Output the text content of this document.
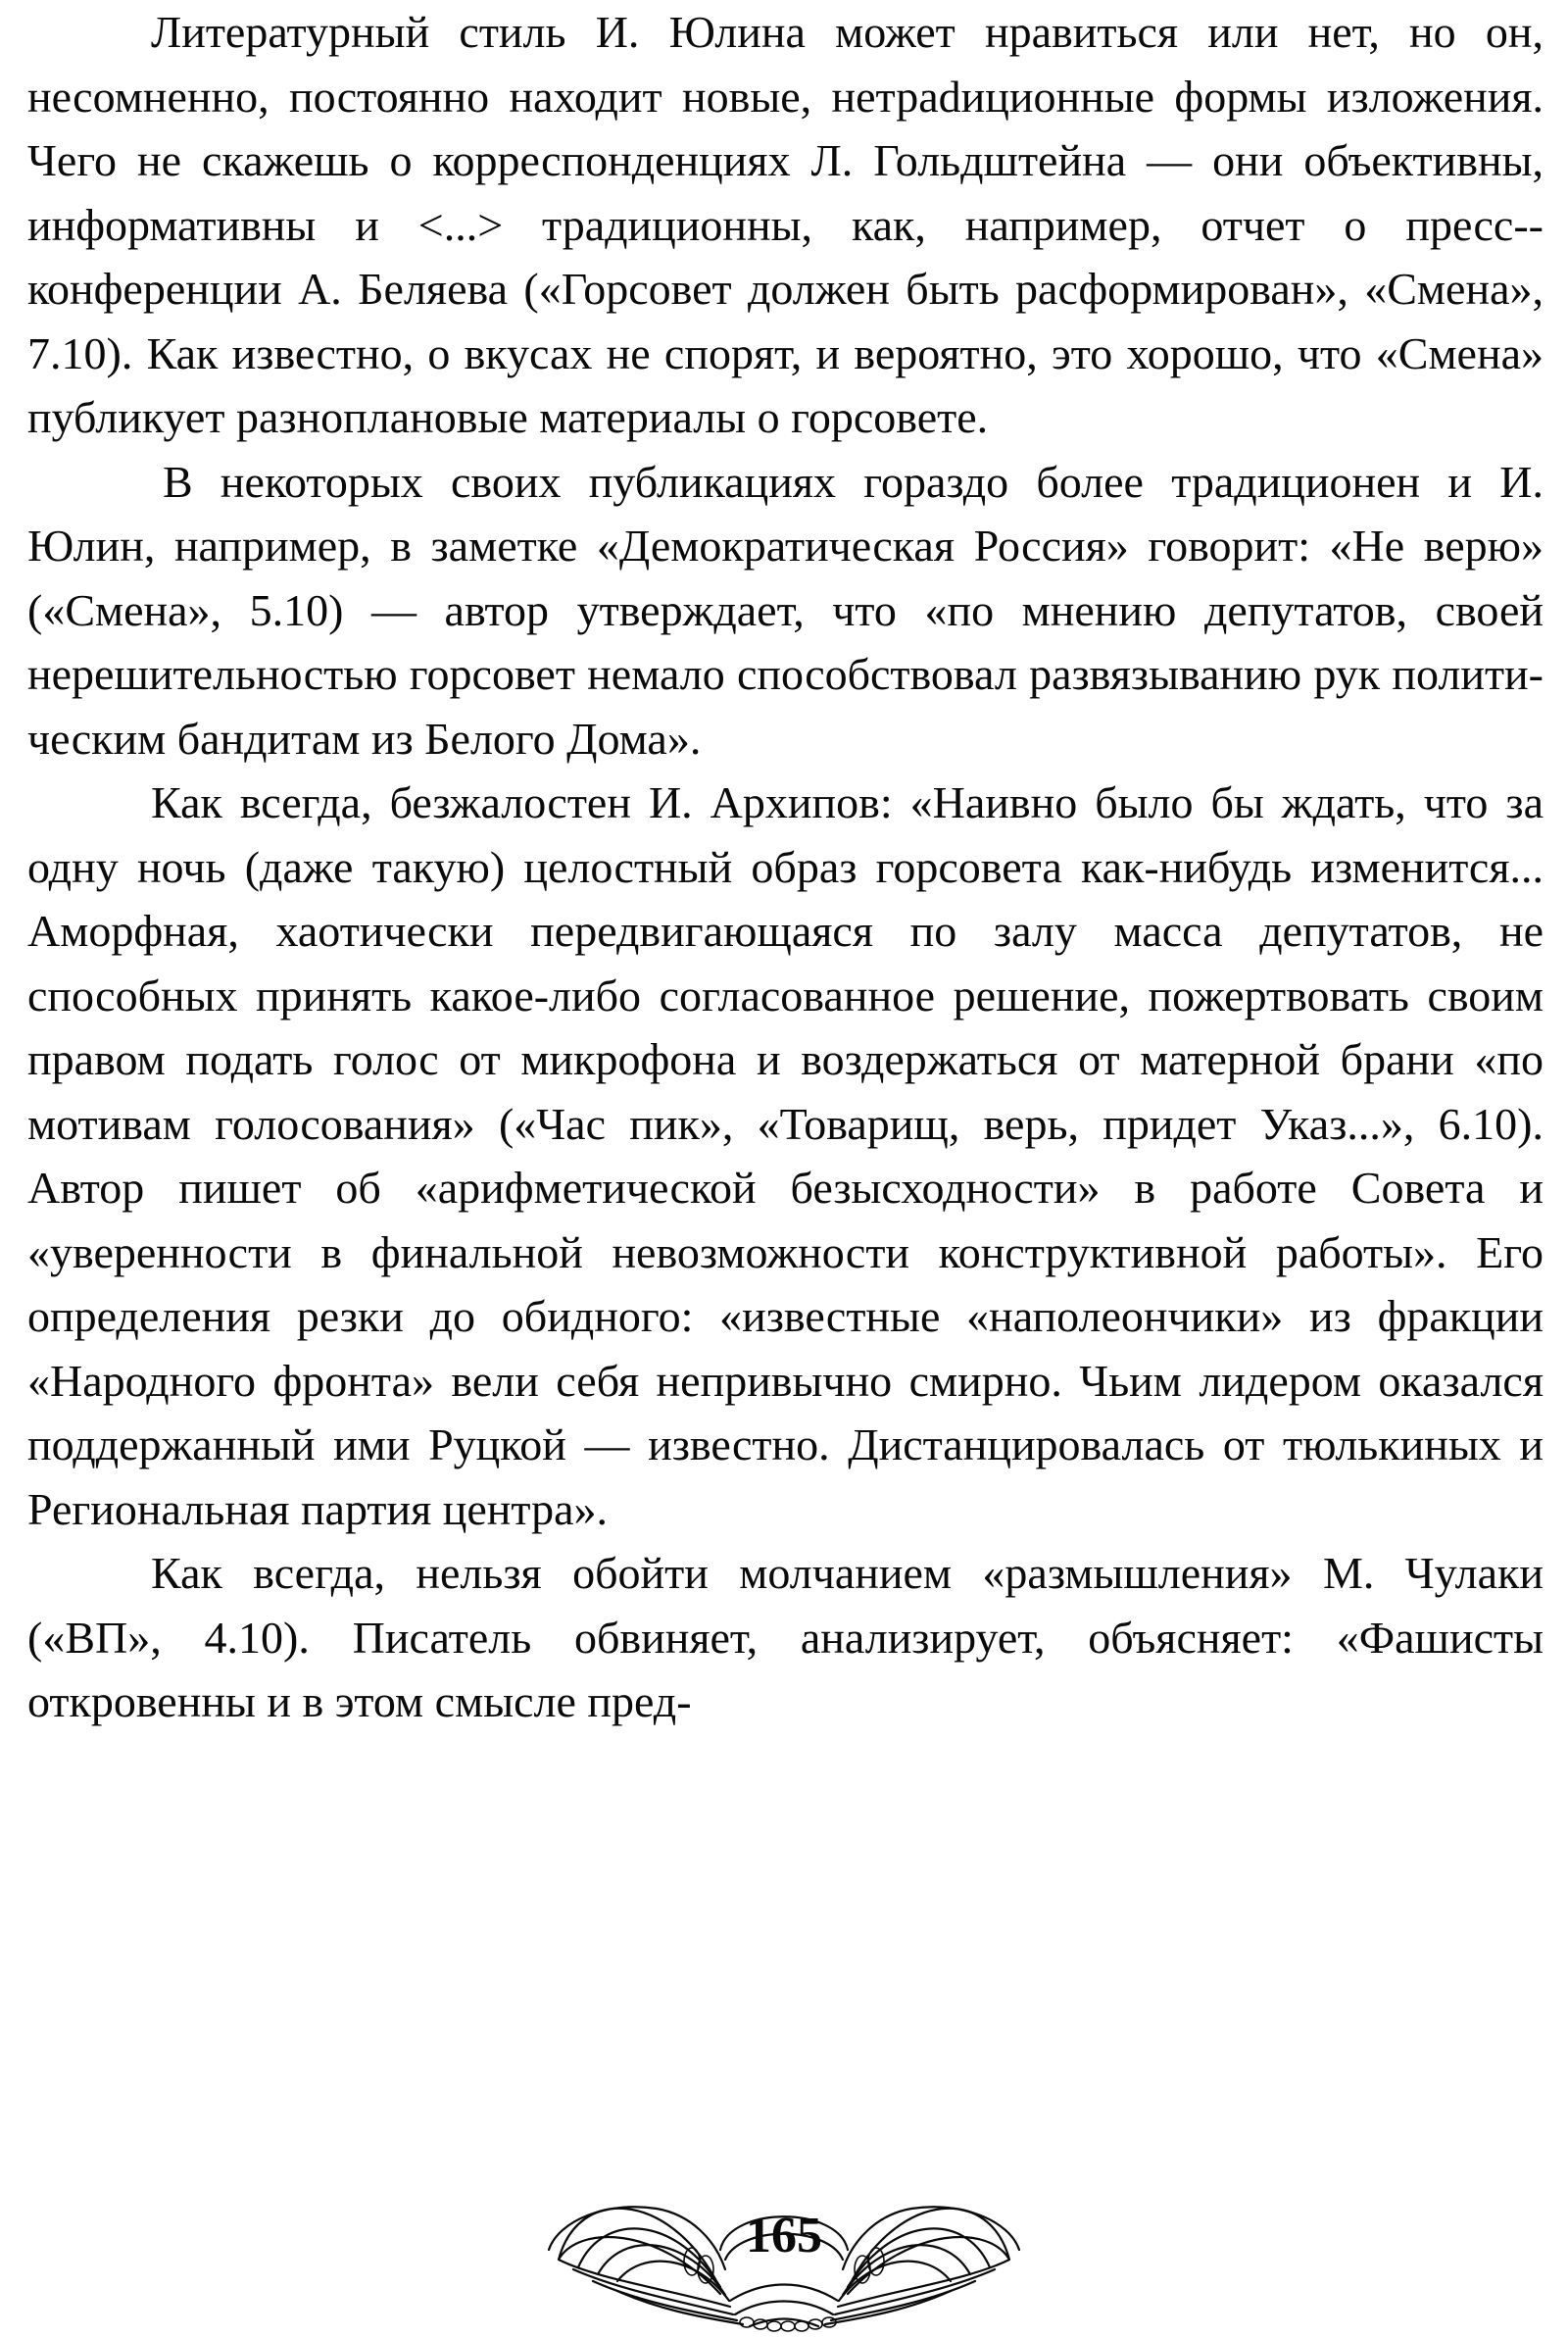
Литературный стиль И. Юлина может нравиться или нет, но он, несомненно, постоянно находит новые, нетраdиционные формы изложения. Чего не скажешь о корреспонденциях Л. Гольдштейна — они объективны, информативны и <...> традиционны, как, например, отчет о пресс-конференции А. Беляева («Горсовет должен быть расформирован», «Смена», 7.10). Как известно, о вкусах не спорят, и вероятно, это хорошо, что «Смена» публикует разноплановые материалы о горсовете.

В некоторых своих публикациях гораздо более традиционен и И. Юлин, например, в заметке «Демократическая Россия» говорит: «Не верю» («Смена», 5.10) — автор утверждает, что «по мнению депутатов, своей нерешительностью горсовет немало способствовал развязыванию рук политическим бандитам из Белого Дома».

Как всегда, безжалостен И. Архипов: «Наивно было бы ждать, что за одну ночь (даже такую) целостный образ горсовета как-нибудь изменится... Аморфная, хаотически передвигающаяся по залу масса депутатов, не способных принять какое-либо согласованное решение, пожертвовать своим правом подать голос от микрофона и воздержаться от матерной брани «по мотивам голосования» («Час пик», «Товарищ, верь, придет Указ...», 6.10). Автор пишет об «арифметической безысходности» в работе Совета и «уверенности в финальной невозможности конструктивной работы». Его определения резки до обидного: «известные «наполеончики» из фракции «Народного фронта» вели себя непривычно смирно. Чьим лидером оказался поддержанный ими Руцкой — известно. Дистанцировалась от тюлькиных и Региональная партия центра».

Как всегда, нельзя обойти молчанием «размышления» М. Чулаки («ВП», 4.10). Писатель обвиняет, анализирует, объясняет: «Фашисты откровенны и в этом смысле пред-

165
